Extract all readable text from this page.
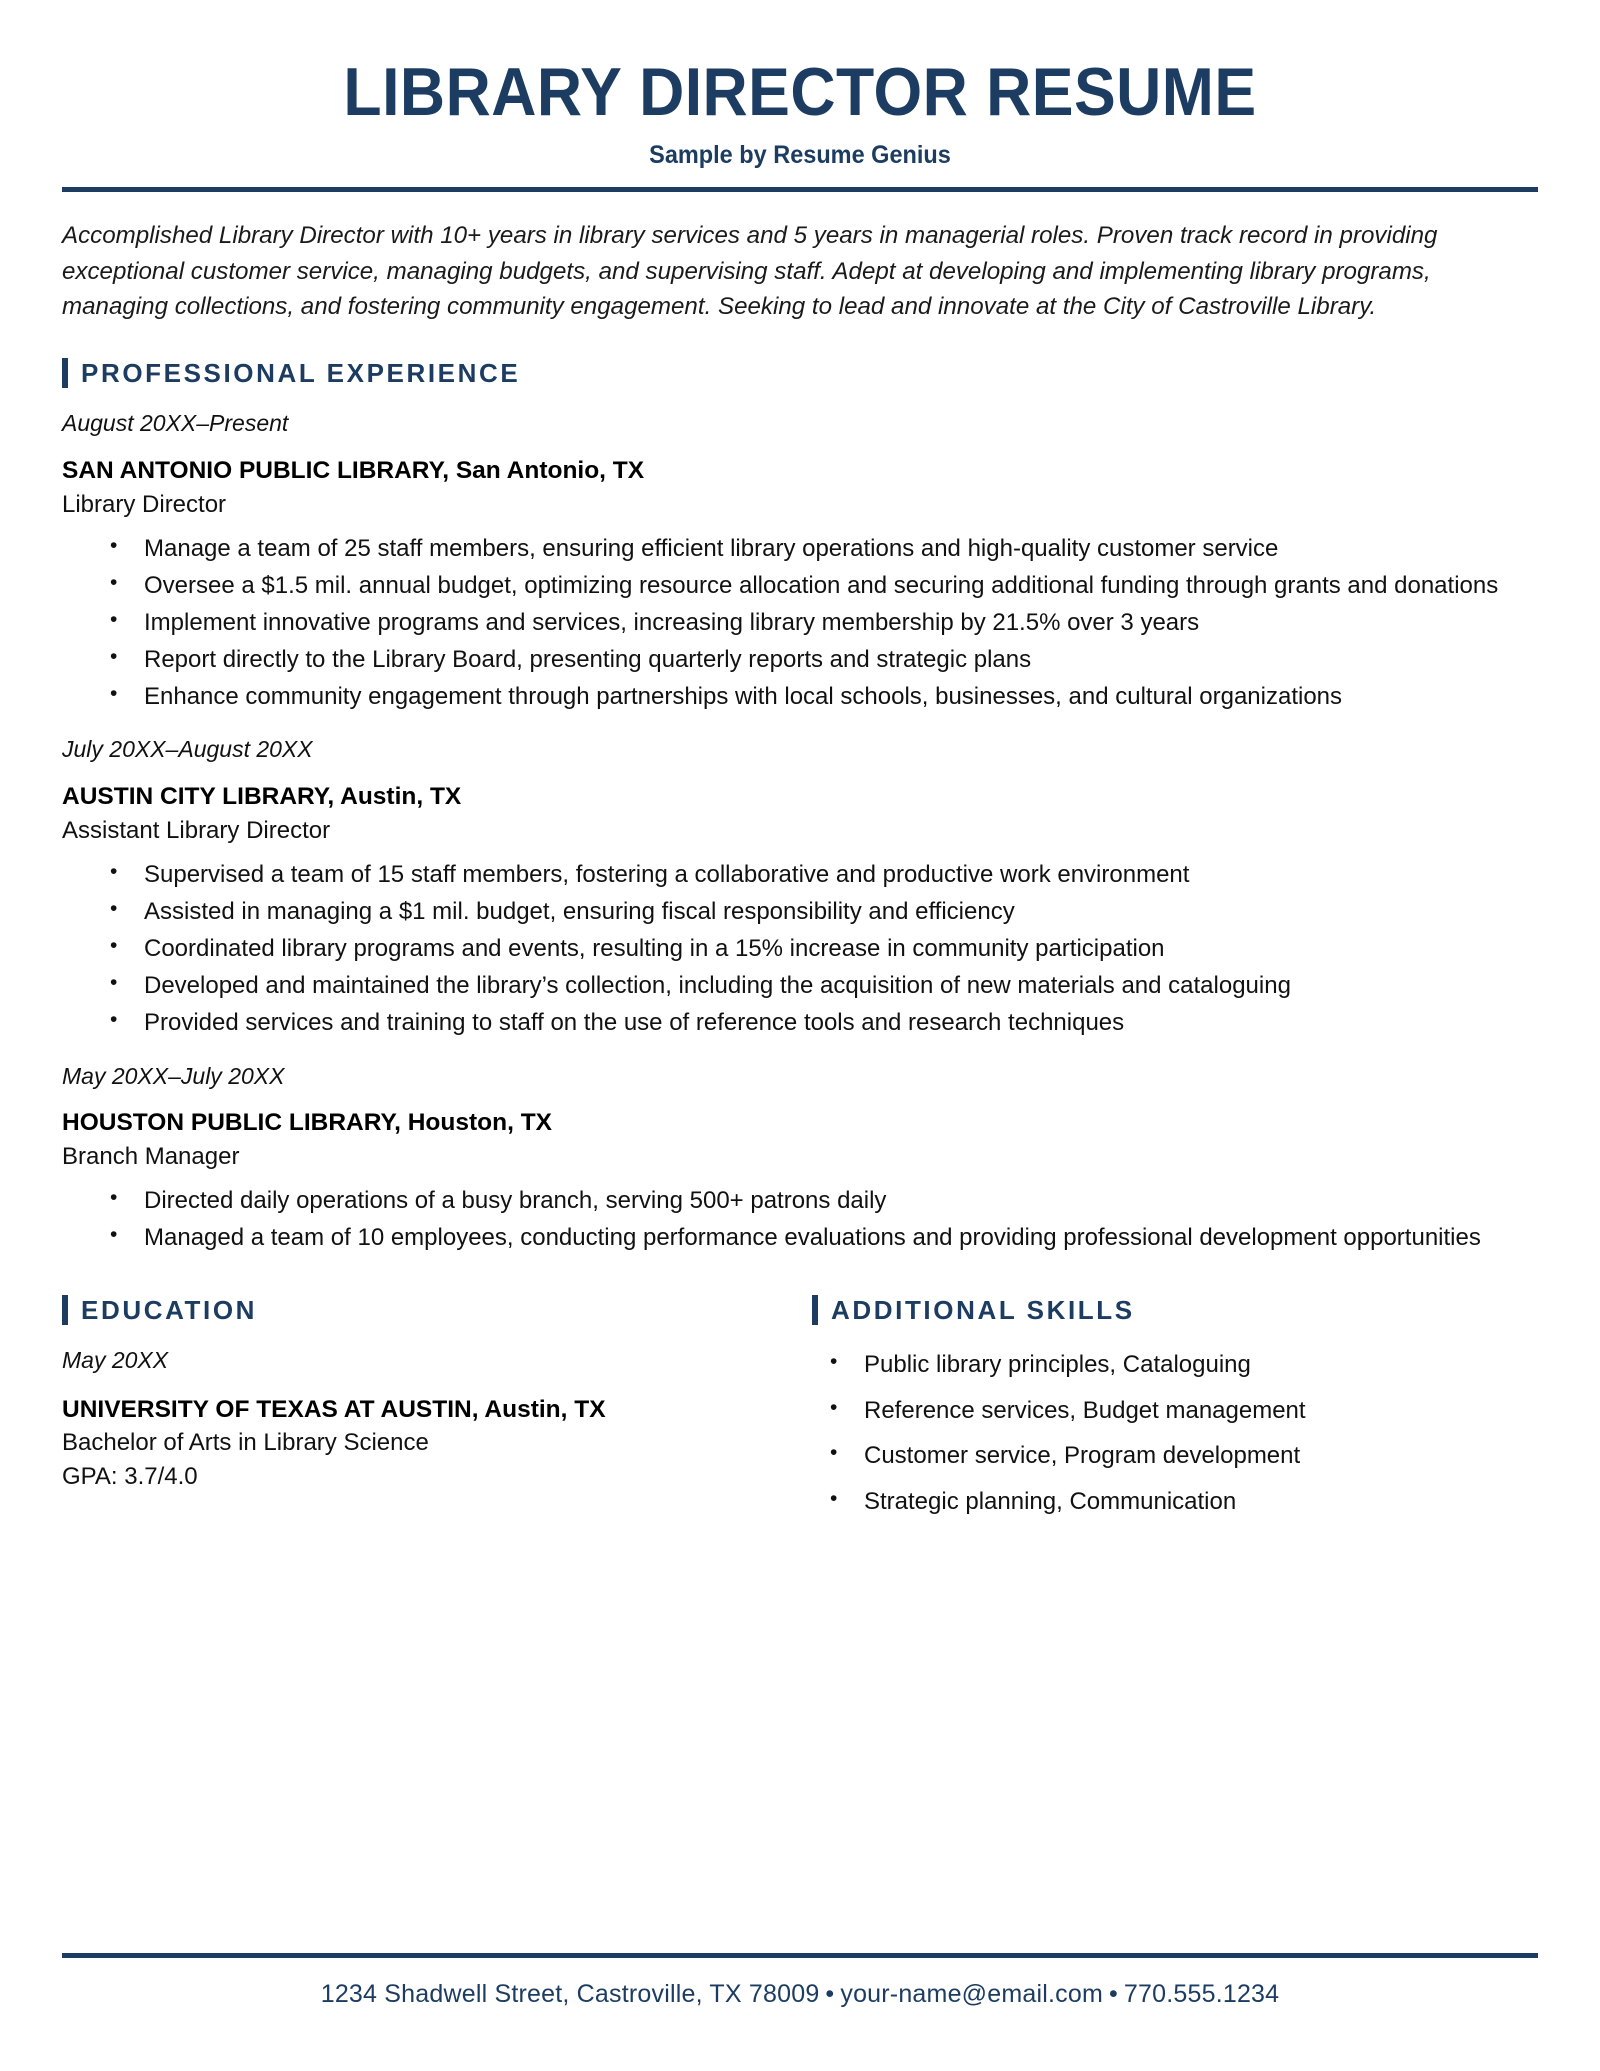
LIBRARY DIRECTOR RESUME
Sample by Resume Genius
Accomplished Library Director with 10+ years in library services and 5 years in managerial roles. Proven track record in providing exceptional customer service, managing budgets, and supervising staff. Adept at developing and implementing library programs, managing collections, and fostering community engagement. Seeking to lead and innovate at the City of Castroville Library.
PROFESSIONAL EXPERIENCE
August 20XX–Present
SAN ANTONIO PUBLIC LIBRARY, San Antonio, TX
Library Director
• Manage a team of 25 staff members, ensuring efficient library operations and high-quality customer service
• Oversee a $1.5 mil. annual budget, optimizing resource allocation and securing additional funding through grants and donations
• Implement innovative programs and services, increasing library membership by 21.5% over 3 years
• Report directly to the Library Board, presenting quarterly reports and strategic plans
• Enhance community engagement through partnerships with local schools, businesses, and cultural organizations
July 20XX–August 20XX
AUSTIN CITY LIBRARY, Austin, TX
Assistant Library Director
• Supervised a team of 15 staff members, fostering a collaborative and productive work environment
• Assisted in managing a $1 mil. budget, ensuring fiscal responsibility and efficiency
• Coordinated library programs and events, resulting in a 15% increase in community participation
• Developed and maintained the library’s collection, including the acquisition of new materials and cataloguing
• Provided services and training to staff on the use of reference tools and research techniques
May 20XX–July 20XX
HOUSTON PUBLIC LIBRARY, Houston, TX
Branch Manager
• Directed daily operations of a busy branch, serving 500+ patrons daily
• Managed a team of 10 employees, conducting performance evaluations and providing professional development opportunities
EDUCATION
May 20XX
UNIVERSITY OF TEXAS AT AUSTIN, Austin, TX
Bachelor of Arts in Library Science
GPA: 3.7/4.0
ADDITIONAL SKILLS
• Public library principles, Cataloguing
• Reference services, Budget management
• Customer service, Program development
• Strategic planning, Communication
1234 Shadwell Street, Castroville, TX 78009 • your-name@email.com • 770.555.1234
